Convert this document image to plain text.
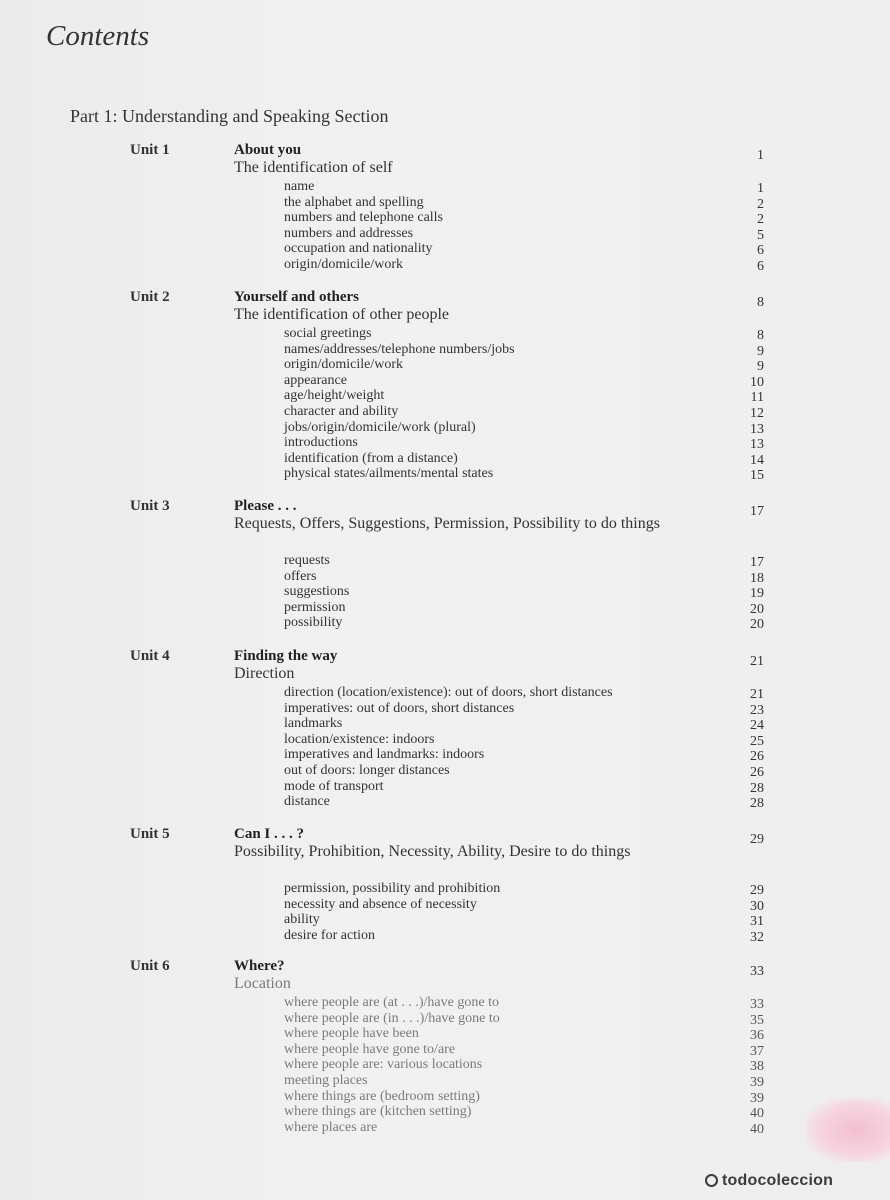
Contents
Part 1: Understanding and Speaking Section
Unit 1	About you	1
The identification of self
name	1
the alphabet and spelling	2
numbers and telephone calls	2
numbers and addresses	5
occupation and nationality	6
origin/domicile/work	6
Unit 2	Yourself and others	8
The identification of other people
social greetings	8
names/addresses/telephone numbers/jobs	9
origin/domicile/work	9
appearance	10
age/height/weight	11
character and ability	12
jobs/origin/domicile/work (plural)	13
introductions	13
identification (from a distance)	14
physical states/ailments/mental states	15
Unit 3	Please . . .	17
Requests, Offers, Suggestions, Permission, Possibility to do things
requests	17
offers	18
suggestions	19
permission	20
possibility	20
Unit 4	Finding the way	21
Direction
direction (location/existence): out of doors, short distances	21
imperatives: out of doors, short distances	23
landmarks	24
location/existence: indoors	25
imperatives and landmarks: indoors	26
out of doors: longer distances	26
mode of transport	28
distance	28
Unit 5	Can I . . . ?	29
Possibility, Prohibition, Necessity, Ability, Desire to do things
permission, possibility and prohibition	29
necessity and absence of necessity	30
ability	31
desire for action	32
Unit 6	Where?	33
Location
where people are (at . . .)/have gone to	33
where people are (in . . .)/have gone to	35
where people have been	36
where people have gone to/are	37
where people are: various locations	38
meeting places	39
where things are (bedroom setting)	39
where things are (kitchen setting)	40
where places are	40
todocoleccion
